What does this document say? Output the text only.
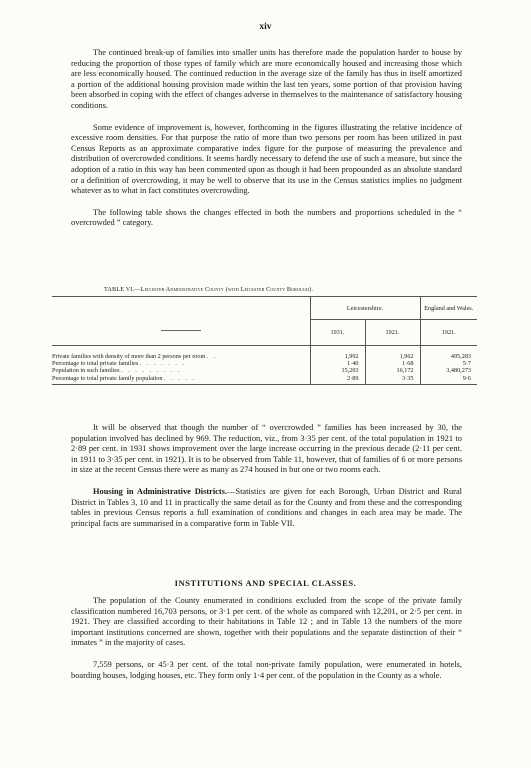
xiv

The continued break-up of families into smaller units has therefore made the population harder to house by reducing the proportion of those types of family which are more economically housed and increasing those which are less economically housed. The continued reduction in the average size of the family has thus in itself amortized a portion of the additional housing provision made within the last ten years, some portion of that provision having been absorbed in coping with the effect of changes adverse in themselves to the maintenance of satisfactory housing conditions.

Some evidence of improvement is, however, forthcoming in the figures illustrating the relative incidence of excessive room densities. For that purpose the ratio of more than two persons per room has been utilized in past Census Reports as an approximate comparative index figure for the purpose of measuring the prevalence and distribution of overcrowded conditions. It seems hardly necessary to defend the use of such a measure, but since the adoption of a ratio in this way has been commented upon as though it had been propounded as an absolute standard or a definition of overcrowding, it may be well to observe that its use in the Census statistics implies no judgment whatever as to what in fact constitutes overcrowding.

The following table shows the changes effected in both the numbers and proportions scheduled in the “ overcrowded ” category.

TABLE VI.—Leicester Administrative County (with Leicester County Borough).
	Leicestershire.		England and Wales.
	1931.	1921.	1921.
Private families with density of more than 2 persons per room . .	1,992	1,962	495,283
Percentage to total private families . . . . . . .	1·40	1·68	5·7
Population in such families . . . . . . . . .	15,203	16,172	3,480,273
Percentage to total private family population . . . . .	2·89	3·35	9·6

It will be observed that though the number of “ overcrowded ” families has been increased by 30, the population involved has declined by 969. The reduction, viz., from 3·35 per cent. of the total population in 1921 to 2·89 per cent. in 1931 shows improvement over the large increase occurring in the previous decade (2·11 per cent. in 1911 to 3·35 per cent. in 1921). It is to be observed from Table 11, however, that of families of 6 or more persons in size at the recent Census there were as many as 274 housed in but one or two rooms each.

Housing in Administrative Districts.—Statistics are given for each Borough, Urban District and Rural District in Tables 3, 10 and 11 in practically the same detail as for the County and from these and the corresponding tables in previous Census reports a full examination of conditions and changes in each area may be made. The principal facts are summarised in a comparative form in Table VII.

INSTITUTIONS AND SPECIAL CLASSES.

The population of the County enumerated in conditions excluded from the scope of the private family classification numbered 16,703 persons, or 3·1 per cent. of the whole as compared with 12,201, or 2·5 per cent. in 1921. They are classified according to their habitations in Table 12 ; and in Table 13 the numbers of the more important institutions concerned are shown, together with their populations and the separate distinction of their “ inmates ” in the majority of cases.

7,559 persons, or 45·3 per cent. of the total non-private family population, were enumerated in hotels, boarding houses, lodging houses, etc. They form only 1·4 per cent. of the population in the County as a whole.
